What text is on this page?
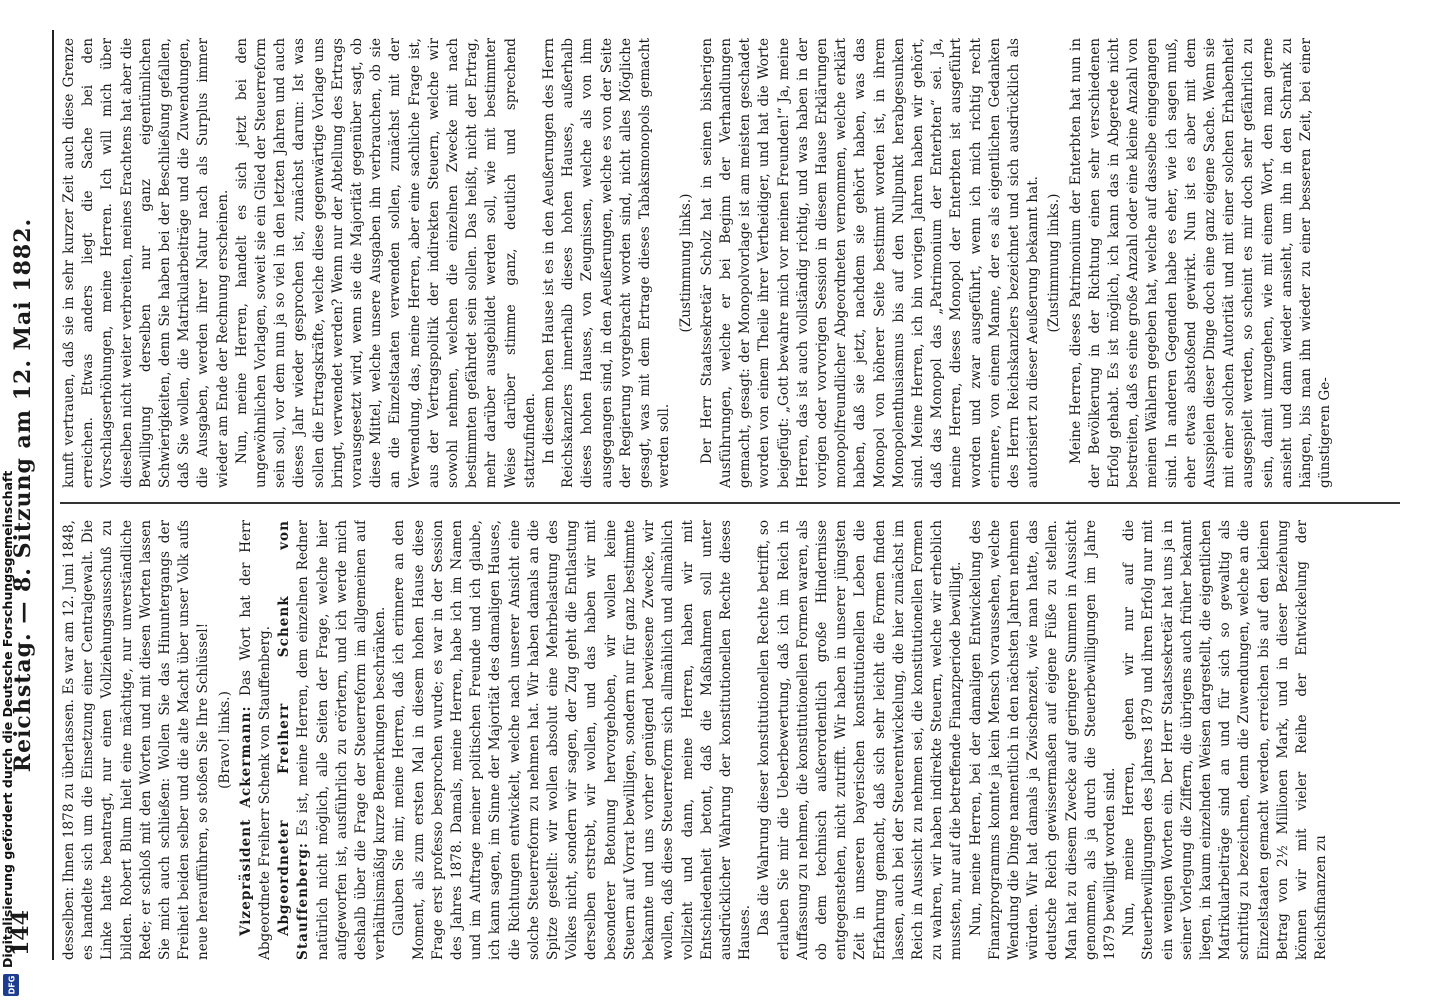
144
Reichstag. — 8. Sitzung am 12. Mai 1882. desselben: Ihnen 1878 zu überlassen. Es war am 12. Juni 1848, es handelte sich um die Einsetzung einer Centralgewalt. Die Linke hatte beantragt, nur einen Vollziehungsausschuß zu bilden. Robert Blum hielt eine mächtige, nur unverständliche Rede; er schloß mit den Worten und mit diesen Worten lassen Sie mich auch schließen: Wollen Sie das Hinuntergangs der Freiheit beiden selber und die alte Macht über unser Volk aufs neue heraufführen, so stoßen Sie Ihre Schlüssel! (Bravo! links.) Vizepräsident Ackermann: Das Wort hat der Herr Abgeordnete Freiherr Schenk von Stauffenberg. Abgeordneter Freiherr Schenk von Stauffenberg: Es ist, meine Herren, dem einzelnen Redner natürlich nicht möglich, alle Seiten der Frage, welche hier aufgeworfen ist, ausführlich zu erörtern, und ich werde mich deshalb über die Frage der Steuerreform im allgemeinen auf verhältnismäßig kurze Bemerkungen beschränken. Glauben Sie mir, meine Herren, daß ich erinnere an den Moment, als zum ersten Mal in diesem hohen Hause diese Frage erst professo besprochen wurde; es war in der Session des Jahres 1878. Damals, meine Herren, habe ich im Namen und im Auftrage meiner politischen Freunde und ich glaube, ich kann sagen, im Sinne der Majorität des damaligen Hauses, die Richtungen entwickelt, welche nach unserer Ansicht eine solche Steuerreform zu nehmen hat. Wir haben damals an die Spitze gestellt: wir wollen absolut eine Mehrbelastung des Volkes nicht, sondern wir sagen, der Zug geht die Entlastung derselben erstrebt, wir wollen, und das haben wir mit besonderer Betonung hervorgehoben, wir wollen keine Steuern auf Vorrat bewilligen, sondern nur für ganz bestimmte bekannte und uns vorher genügend bewiesene Zwecke, wir wollen, daß diese Steuerreform sich allmählich und allmählich vollzieht und dann, meine Herren, haben wir mit Entschiedenheit betont, daß die Maßnahmen soll unter ausdrücklicher Wahrung der konstitutionellen Rechte dieses Hauses. Das die Wahrung dieser konstitutionellen Rechte betrifft, so erlauben Sie mir die Ueberbewertung, daß ich im Reich in Auffassung zu nehmen, die konstitutionellen Formen waren, als ob dem technisch außerordentlich große Hindernisse entgegenstehen, nicht zutrifft. Wir haben in unserer jüngsten Zeit in unseren bayerischen konstitutionellen Leben die Erfahrung gemacht, daß sich sehr leicht die Formen finden lassen, auch bei der Steuerentwickelung, die hier zunächst im Reich in Aussicht zu nehmen sei, die konstitutionellen Formen zu wahren, wir haben indirekte Steuern, welche wir erheblich mussten, nur auf die betreffende Finanzperiode bewilligt. Nun, meine Herren, bei der damaligen Entwickelung des Finanzprogramms konnte ja kein Mensch voraussehen, welche Wendung die Dinge namentlich in den nächsten Jahren nehmen würden. Wir hat damals ja Zwischenzeit, wie man hatte, das deutsche Reich gewissermaßen auf eigene Füße zu stellen. Man hat zu diesem Zwecke auf geringere Summen in Aussicht genommen, als ja durch die Steuerbewilligungen im Jahre 1879 bewilligt worden sind. Nun, meine Herren, gehen wir nur auf die Steuerbewilligungen des Jahres 1879 und ihren Erfolg nur mit ein wenigen Worten ein. Der Herr Staatssekretär hat uns ja in seiner Vorlegung die Ziffern, die übrigens auch früher bekannt liegen, in kaum einzelnden Weisen dargestellt, die eigentlichen Matrikularbeiträge sind an und für sich so gewaltig als schrittig zu bezeichnen, denn die Zuwendungen, welche an die Einzelstaaten gemacht werden, erreichen bis auf den kleinen Betrag von 2½ Millionen Mark, und in dieser Beziehung können wir mit vieler Reihe der Entwickelung der Reichsfinanzen zu

kunft vertrauen, daß sie in sehr kurzer Zeit auch diese Grenze erreichen. Etwas anders liegt die Sache bei den Vorschlagserhöhungen, meine Herren. Ich will mich über dieselben nicht weiter verbreiten, meines Erachtens hat aber die Bewilligung derselben nur ganz eigentümlichen Schwierigkeiten, denn Sie haben bei der Beschließung gefallen, daß Sie wollen, die Matrikularbeiträge und die Zuwendungen, die Ausgaben, werden ihrer Natur nach als Surplus immer wieder am Ende der Rechnung erscheinen. Nun, meine Herren, handelt es sich jetzt bei den ungewöhnlichen Vorlagen, soweit sie ein Glied der Steuerreform sein soll, vor dem nun ja so viel in den letzten Jahren und auch dieses Jahr wieder gesprochen ist, zunächst darum: Ist was sollen die Ertragskräfte, welche diese gegenwärtige Vorlage uns bringt, verwendet werden? Wenn nur der Abtellung des Ertrags vorausgesetzt wird, wenn sie die Majorität gegenüber sagt, ob diese Mittel, welche unsere Ausgaben ihn verbrauchen, ob sie an die Einzelstaaten verwenden sollen, zunächst mit der Verwendung, das, meine Herren, aber eine sachliche Frage ist, aus der Vertragspolitik der indirekten Steuern, welche wir sowohl nehmen, welchen die einzelnen Zwecke mit nach bestimmten gefährdet sein sollen. Das heißt, nicht der Ertrag, mehr darüber ausgebildet werden soll, wie mit bestimmter Weise darüber stimme ganz, deutlich und sprechend stattzufinden. In diesem hohen Hause ist es in den Aeußerungen des Herrn Reichskanzlers innerhalb dieses hohen Hauses, außerhalb dieses hohen Hauses, von Zeugnissen, welche als von ihm ausgegangen sind, in den Aeußerungen, welche es von der Seite der Regierung vorgebracht worden sind, nicht alles Mögliche gesagt, was mit dem Ertrage dieses Tabaksmonopols gemacht werden soll.

(Zustimmung links.) Der Herr Staatssekretär Scholz hat in seinen bisherigen Ausführungen, welche er bei Beginn der Verhandlungen gemacht, gesagt: der Monopolvorlage ist am meisten geschadet worden von einem Theile ihrer Vertheidiger, und hat die Worte beigefügt: „Gott bewahre mich vor meinen Freunden!“ Ja, meine Herren, das ist auch vollständig richtig, und was haben in der vorigen oder vorvorigen Session in diesem Hause Erklärungen monopolfreundlicher Abgeordneten vernommen, welche erklärt haben, daß sie jetzt, nachdem sie gehört haben, was das Monopol von höherer Seite bestimmt worden ist, in ihrem Monopolenthusiasmus bis auf den Nullpunkt herabgesunken sind. Meine Herren, ich bin vorigen Jahren haben wir gehört, daß das Monopol das „Patrimonium der Enterbten“ sei. Ja, meine Herren, dieses Monopol der Enterbten ist ausgeführt worden und zwar ausgeführt, wenn ich mich richtig recht erinnere, von einem Manne, der es als eigentlichen Gedanken des Herrn Reichskanzlers bezeichnet und sich ausdrücklich als autorisiert zu dieser Aeußerung bekannt hat. (Zustimmung links.) Meine Herren, dieses Patrimonium der Enterbten hat nun in der Bevölkerung in der Richtung einen sehr verschiedenen Erfolg gehabt. Es ist möglich, ich kann das in Abgerede nicht bestreiten, daß es eine große Anzahl oder eine kleine Anzahl von meinen Wählern gegeben hat, welche auf dasselbe eingegangen sind. In anderen Gegenden habe es eher, wie ich sagen muß, eher etwas abstoßend gewirkt. Nun ist es aber mit dem Ausspielen dieser Dinge doch eine ganz eigene Sache. Wenn sie mit einer solchen Autorität und mit einer solchen Erhabenheit ausgespielt werden, so scheint es mir doch sehr gefährlich zu sein, damit umzugehen, wie mit einem Wort, den man gerne ansieht und dann wieder ansieht, um ihn in den Schrank zu hängen, bis man ihn wieder zu einer besseren Zeit, bei einer günstigeren Ge-

Digitalisierung gefördert durch die Deutsche Forschungsgemeinschaft
DFG
